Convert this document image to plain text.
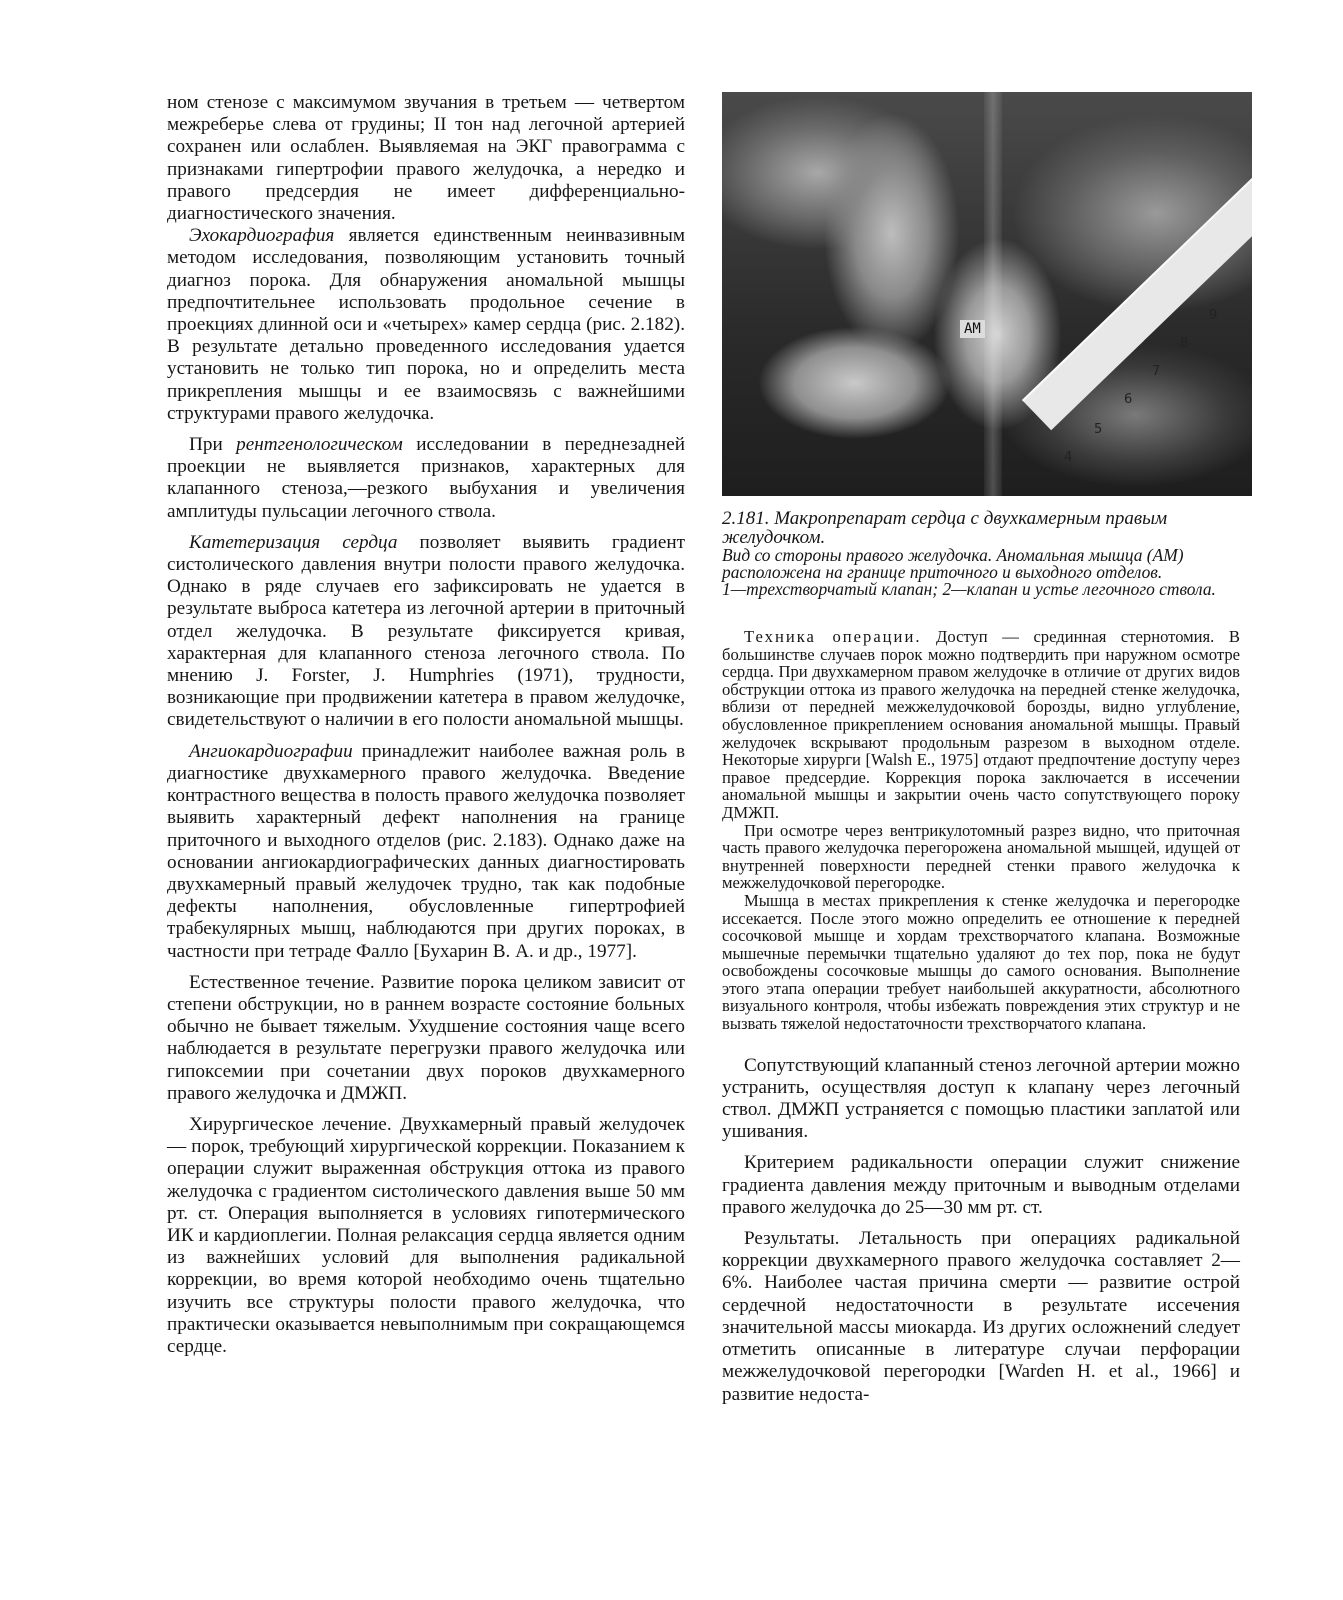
ном стенозе с максимумом звучания в третьем — четвертом межреберье слева от грудины; II тон над легочной артерией сохранен или ослаблен. Выявляемая на ЭКГ правограмма с признаками гипертрофии правого желудочка, а нередко и правого предсердия не имеет дифференциально-диагностического значения.

Эхокардиография является единственным неинвазивным методом исследования, позволяющим установить точный диагноз порока. Для обнаружения аномальной мышцы предпочтительнее использовать продольное сечение в проекциях длинной оси и «четырех» камер сердца (рис. 2.182). В результате детально проведенного исследования удается установить не только тип порока, но и определить места прикрепления мышцы и ее взаимосвязь с важнейшими структурами правого желудочка.

При рентгенологическом исследовании в переднезадней проекции не выявляется признаков, характерных для клапанного стеноза,—резкого выбухания и увеличения амплитуды пульсации легочного ствола.

Катетеризация сердца позволяет выявить градиент систолического давления внутри полости правого желудочка. Однако в ряде случаев его зафиксировать не удается в результате выброса катетера из легочной артерии в приточный отдел желудочка. В результате фиксируется кривая, характерная для клапанного стеноза легочного ствола. По мнению J. Forster, J. Humphries (1971), трудности, возникающие при продвижении катетера в правом желудочке, свидетельствуют о наличии в его полости аномальной мышцы.

Ангиокардиографии принадлежит наиболее важная роль в диагностике двухкамерного правого желудочка. Введение контрастного вещества в полость правого желудочка позволяет выявить характерный дефект наполнения на границе приточного и выходного отделов (рис. 2.183). Однако даже на основании ангиокардиографических данных диагностировать двухкамерный правый желудочек трудно, так как подобные дефекты наполнения, обусловленные гипертрофией трабекулярных мышц, наблюдаются при других пороках, в частности при тетраде Фалло [Бухарин В. А. и др., 1977].

Естественное течение. Развитие порока целиком зависит от степени обструкции, но в раннем возрасте состояние больных обычно не бывает тяжелым. Ухудшение состояния чаще всего наблюдается в результате перегрузки правого желудочка или гипоксемии при сочетании двух пороков двухкамерного правого желудочка и ДМЖП.

Хирургическое лечение. Двухкамерный правый желудочек— порок, требующий хирургической коррекции. Показанием к операции служит выраженная обструкция оттока из правого желудочка с градиентом систолического давления выше 50 мм рт. ст. Операция выполняется в условиях гипотермического ИК и кардиоплегии. Полная релаксация сердца является одним из важнейших условий для выполнения радикальной коррекции, во время которой необходимо очень тщательно изучить все структуры полости правого желудочка, что практически оказывается невыполнимым при сокращающемся сердце.

4
5
6
7
8
9
АМ

2.181. Макропрепарат сердца с двухкамерным правым желудочком.

Вид со стороны правого желудочка. Аномальная мышца (АМ) расположена на границе приточного и выходного отделов.

1—трехстворчатый клапан; 2—клапан и устье легочного ствола.

Техника операции. Доступ — срединная стернотомия. В большинстве случаев порок можно подтвердить при наружном осмотре сердца. При двухкамерном правом желудочке в отличие от других видов обструкции оттока из правого желудочка на передней стенке желудочка, вблизи от передней межжелудочковой борозды, видно углубление, обусловленное прикреплением основания аномальной мышцы. Правый желудочек вскрывают продольным разрезом в выходном отделе. Некоторые хирурги [Walsh E., 1975] отдают предпочтение доступу через правое предсердие. Коррекция порока заключается в иссечении аномальной мышцы и закрытии очень часто сопутствующего пороку ДМЖП.

При осмотре через вентрикулотомный разрез видно, что приточная часть правого желудочка перегорожена аномальной мышцей, идущей от внутренней поверхности передней стенки правого желудочка к межжелудочковой перегородке.

Мышца в местах прикрепления к стенке желудочка и перегородке иссекается. После этого можно определить ее отношение к передней сосочковой мышце и хордам трехстворчатого клапана. Возможные мышечные перемычки тщательно удаляют до тех пор, пока не будут освобождены сосочковые мышцы до самого основания. Выполнение этого этапа операции требует наибольшей аккуратности, абсолютного визуального контроля, чтобы избежать повреждения этих структур и не вызвать тяжелой недостаточности трехстворчатого клапана.

Сопутствующий клапанный стеноз легочной артерии можно устранить, осуществляя доступ к клапану через легочный ствол. ДМЖП устраняется с помощью пластики заплатой или ушивания.

Критерием радикальности операции служит снижение градиента давления между приточным и выводным отделами правого желудочка до 25—30 мм рт. ст.

Результаты. Летальность при операциях радикальной коррекции двухкамерного правого желудочка составляет 2—6%. Наиболее частая причина смерти — развитие острой сердечной недостаточности в результате иссечения значительной массы миокарда. Из других осложнений следует отметить описанные в литературе случаи перфорации межжелудочковой перегородки [Warden H. et al., 1966] и развитие недоста-
